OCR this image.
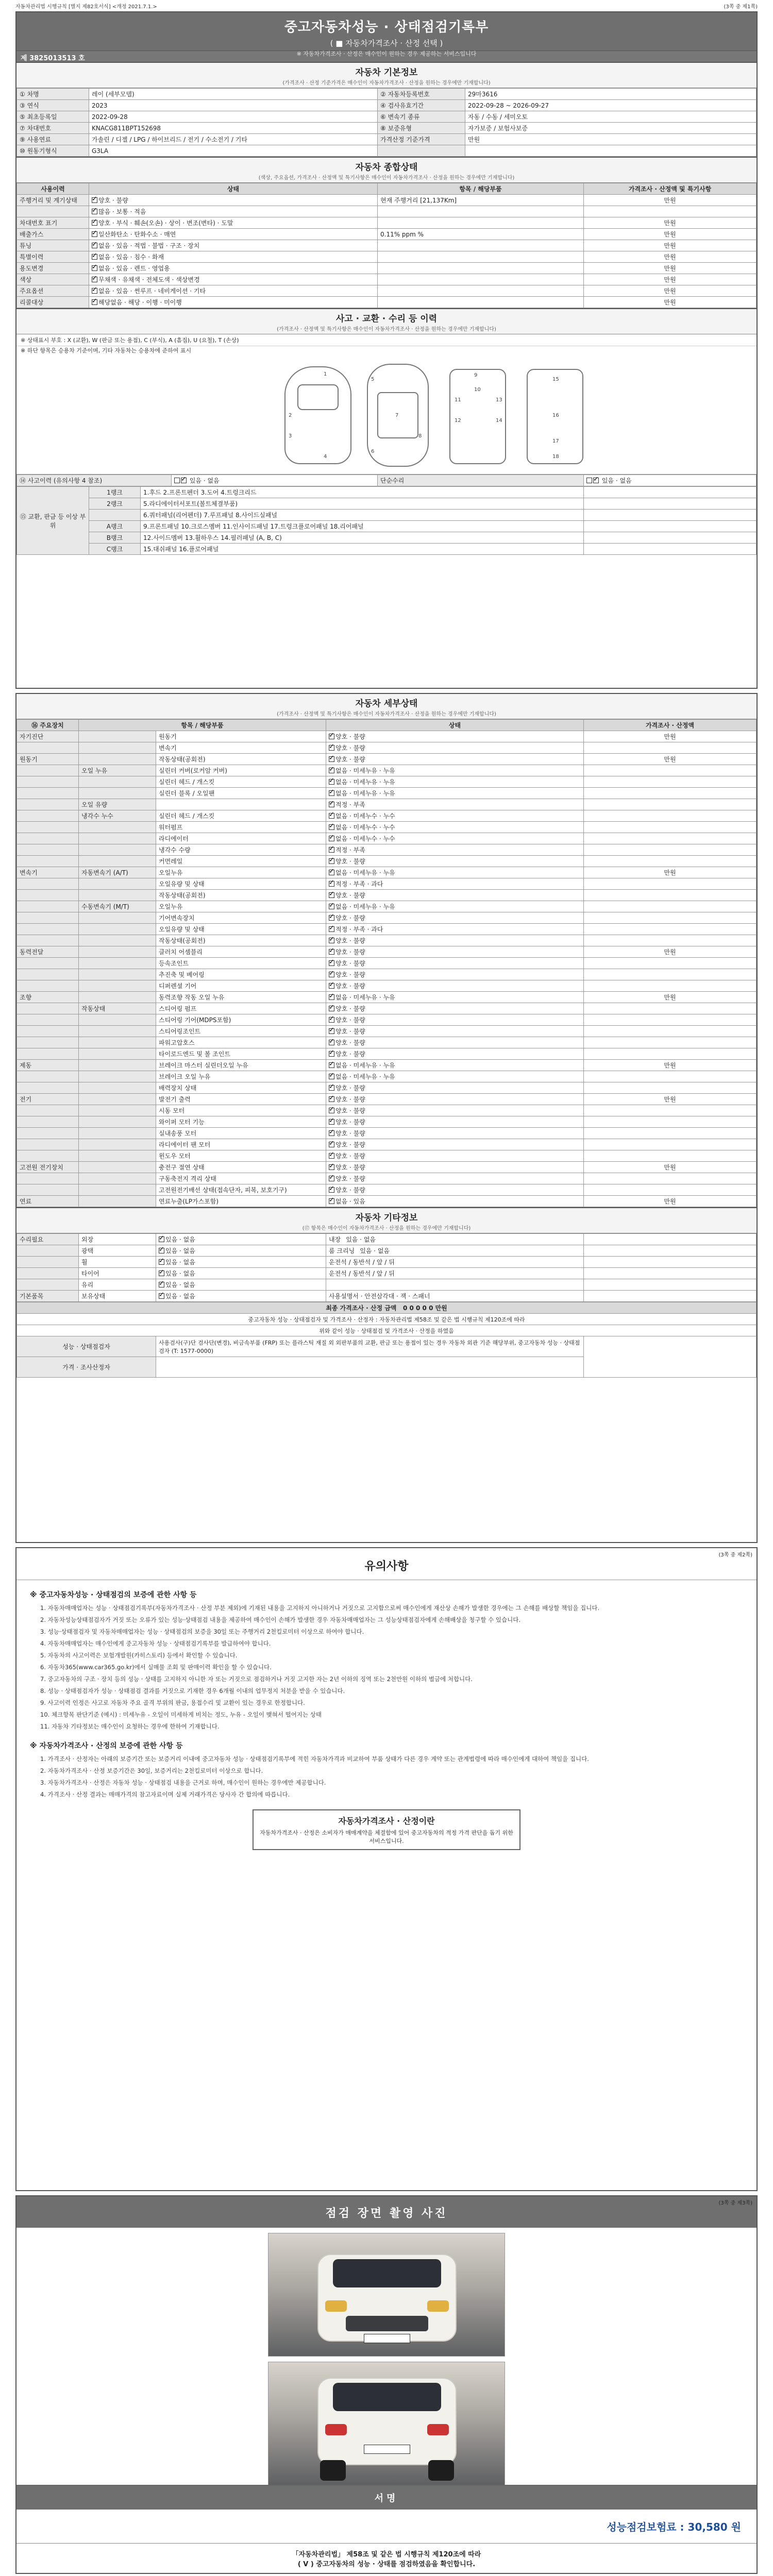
자동차관리법 시행규칙 [별지 제82호서식] <개정 2021.7.1.>	(3쪽 중 제1쪽)
중고자동차성능 · 상태점검기록부
( ■ 자동차가격조사 · 산정 선택 )
※ 자동차가격조사 · 산정은 매수인이 원하는 경우 제공하는 서비스입니다
제 3825013513 호
자동차 기본정보
(가격조사 · 산정 기준가격은 매수인이 자동차가격조사 · 산정을 원하는 경우에만 기재합니다)
① 차명	레이 (세부모델)	② 자동차등록번호	29마3616
③ 연식	2023	④ 검사유효기간	2022-09-28 ~ 2026-09-27
⑤ 최초등록일	2022-09-28	⑥ 변속기 종류	자동 / 수동 / 세미오토
⑦ 차대번호	KNACG811BPT152698	⑧ 보증유형	자가보증 / 보험사보증
⑨ 사용연료	가솔린 / 디젤 / LPG / 하이브리드 / 전기 / 수소전기 / 기타	가격산정 기준가격	만원
⑩ 원동기형식	G3LA		
자동차 종합상태
(색상, 주요옵션, 가격조사 · 산정액 및 특기사항은 매수인이 자동차가격조사 · 산정을 원하는 경우에만 기재합니다)
사용이력	상태	항목 / 해당부품	가격조사 · 산정액 및 특기사항
주행거리 및 계기상태	✓양호 · 불량	현재 주행거리 [21,137Km]	만원
	✓많음 · 보통 · 적음		
차대번호 표기	✓양호 · 부식 · 훼손(오손) · 상이 · 변조(변타) · 도말		만원
배출가스	✓일산화탄소 · 탄화수소 · 매연	0.11% ppm %	만원
튜닝	✓없음 · 있음 · 적법 · 불법 · 구조 · 장치		만원
특별이력	✓없음 · 있음 · 침수 · 화재		만원
용도변경	✓없음 · 있음 · 렌트 · 영업용		만원
색상	✓무채색 · 유채색 · 전체도색 · 색상변경		만원
주요옵션	✓없음 · 있음 · 썬루프 · 네비게이션 · 기타		만원
리콜대상	✓해당없음 · 해당 · 이행 · 미이행		만원
사고 · 교환 · 수리 등 이력
(가격조사 · 산정액 및 특기사항은 매수인이 자동차가격조사 · 산정을 원하는 경우에만 기재합니다)
※ 상태표시 부호 : X (교환), W (판금 또는 용접), C (부식), A (흠집), U (요철), T (손상)
※ 하단 항목은 승용차 기준이며, 기타 자동차는 승용차에 준하여 표시
1
2
3
4
5
6
7
8
9
10
11
12
13
14
15
16
17
18
⑭ 사고이력 (유의사항 4 참조)	✓있음 · 없음	단순수리	✓있음 · 없음
⑮ 교환, 판금 등 이상 부위			
	1랭크	1.후드 2.프론트펜더 3.도어 4.트렁크리드	
	2랭크	5.라디에이터서포트(볼트체결부품)	
		6.쿼터패널(리어펜더) 7.루프패널 8.사이드실패널	
	A랭크	9.프론트패널 10.크로스멤버 11.인사이드패널 17.트렁크플로어패널 18.리어패널	
	B랭크	12.사이드멤버 13.휠하우스 14.필러패널 (A, B, C)	
	C랭크	15.대쉬패널 16.플로어패널	
자동차 세부상태
(가격조사 · 산정액 및 특기사항은 매수인이 자동차가격조사 · 산정을 원하는 경우에만 기재합니다)
⑯ 주요장치	항목 / 해당부품		상태	가격조사 · 산정액
자기진단		원동기	✓양호 · 불량	만원
		변속기	✓양호 · 불량	
원동기		작동상태(공회전)	✓양호 · 불량	만원
	오일 누유	실린더 커버(로커암 커버)	✓없음 · 미세누유 · 누유	
		실린더 헤드 / 개스킷	✓없음 · 미세누유 · 누유	
		실린더 블록 / 오일팬	✓없음 · 미세누유 · 누유	
	오일 유량		✓적정 · 부족	
	냉각수 누수	실린더 헤드 / 개스킷	✓없음 · 미세누수 · 누수	
		워터펌프	✓없음 · 미세누수 · 누수	
		라디에이터	✓없음 · 미세누수 · 누수	
		냉각수 수량	✓적정 · 부족	
		커먼레일	✓양호 · 불량	
변속기	자동변속기 (A/T)	오일누유	✓없음 · 미세누유 · 누유	만원
		오일유량 및 상태	✓적정 · 부족 · 과다	
		작동상태(공회전)	✓양호 · 불량	
	수동변속기 (M/T)	오일누유	✓없음 · 미세누유 · 누유	
		기어변속장치	✓양호 · 불량	
		오일유량 및 상태	✓적정 · 부족 · 과다	
		작동상태(공회전)	✓양호 · 불량	
동력전달		클러치 어셈블리	✓양호 · 불량	만원
		등속조인트	✓양호 · 불량	
		추진축 및 베어링	✓양호 · 불량	
		디퍼렌셜 기어	✓양호 · 불량	
조향		동력조향 작동 오일 누유	✓없음 · 미세누유 · 누유	만원
	작동상태	스티어링 펌프	✓양호 · 불량	
		스티어링 기어(MDPS포함)	✓양호 · 불량	
		스티어링조인트	✓양호 · 불량	
		파워고압호스	✓양호 · 불량	
		타이로드엔드 및 볼 조인트	✓양호 · 불량	
제동		브레이크 마스터 실린더오일 누유	✓없음 · 미세누유 · 누유	만원
		브레이크 오일 누유	✓없음 · 미세누유 · 누유	
		배력장치 상태	✓양호 · 불량	
전기		발전기 출력	✓양호 · 불량	만원
		시동 모터	✓양호 · 불량	
		와이퍼 모터 기능	✓양호 · 불량	
		실내송풍 모터	✓양호 · 불량	
		라디에이터 팬 모터	✓양호 · 불량	
		윈도우 모터	✓양호 · 불량	
고전원 전기장치		충전구 절연 상태	✓양호 · 불량	만원
		구동축전지 격리 상태	✓양호 · 불량	
		고전원전기배선 상태(접속단자, 피복, 보호기구)	✓양호 · 불량	
연료		연료누출(LP가스포함)	✓없음 · 있음	만원
자동차 기타정보
(⑰ 항목은 매수인이 자동차가격조사 · 산정을 원하는 경우에만 기재합니다)
수리필요	외장	✓있음 · 없음	내장 있음 · 없음	
	광택	✓있음 · 없음	룸 크리닝 있음 · 없음	
	휠	✓있음 · 없음	운전석 / 동반석 / 앞 / 뒤	
	타이어	✓있음 · 없음	운전석 / 동반석 / 앞 / 뒤	
	유리	✓있음 · 없음		
기본품목	보유상태	✓있음 · 없음	사용설명서 · 안전삼각대 · 잭 · 스패너	
최종 가격조사 · 산정 금액 0 0 0 0 0 만원		
중고자동차 성능 · 상태점검자 및 가격조사 · 산정자 : 자동차관리법 제58조 및 같은 법 시행규칙 제120조에 따라		
위와 같이 성능 · 상태점검 및 가격조사 · 산정을 하였음		
성능 · 상태점검자	사용검사(구)단 검사단(변경), 비금속부품 (FRP) 또는 플라스틱 재질 외 외판부품의 교환, 판금 또는 용접이 있는 경우 자동차 외관 기준 해당부위, 중고자동차 성능 · 상태점검자 (T: 1577-0000)	
가격 · 조사산정자		
(3쪽 중 제2쪽)
유의사항
※ 중고자동차성능 · 상태점검의 보증에 관한 사항 등
1. 자동차매매업자는 성능 · 상태점검기록부(자동차가격조사 · 산정 부분 제외)에 기재된 내용을 고지하지 아니하거나 거짓으로 고지함으로써 매수인에게 재산상 손해가 발생한 경우에는 그 손해를 배상할 책임을 집니다.
2. 자동차성능상태점검자가 거짓 또는 오류가 있는 성능·상태점검 내용을 제공하여 매수인이 손해가 발생한 경우 자동차매매업자는 그 성능상태점검자에게 손해배상을 청구할 수 있습니다.
3. 성능·상태점검자 및 자동차매매업자는 성능 · 상태점검의 보증을 30일 또는 주행거리 2천킬로미터 이상으로 하여야 합니다.
4. 자동차매매업자는 매수인에게 중고자동차 성능 · 상태점검기록부를 발급하여야 합니다.
5. 자동차의 사고이력은 보험개발원(카히스토리) 등에서 확인할 수 있습니다.
6. 자동차365(www.car365.go.kr)에서 실매물 조회 및 판매이력 확인을 할 수 있습니다.
7. 중고자동차의 구조 · 장치 등의 성능 · 상태를 고지하지 아니한 자 또는 거짓으로 점검하거나 거짓 고지한 자는 2년 이하의 징역 또는 2천만원 이하의 벌금에 처합니다.
8. 성능 · 상태점검자가 성능 · 상태점검 결과를 거짓으로 기재한 경우 6개월 이내의 업무정지 처분을 받을 수 있습니다.
9. 사고이력 인정은 사고로 자동차 주요 골격 부위의 판금, 용접수리 및 교환이 있는 경우로 한정합니다.
10. 체크항목 판단기준 (예시) : 미세누유 - 오일이 미세하게 비치는 정도, 누유 - 오일이 맺혀서 떨어지는 상태
11. 자동차 기타정보는 매수인이 요청하는 경우에 한하여 기재합니다.
※ 자동차가격조사 · 산정의 보증에 관한 사항 등
1. 가격조사 · 산정자는 아래의 보증기간 또는 보증거리 이내에 중고자동차 성능 · 상태점검기록부에 적힌 자동차가격과 비교하여 부품 상태가 다른 경우 계약 또는 관계법령에 따라 매수인에게 대하여 책임을 집니다.
2. 자동차가격조사 · 산정 보증기간은 30일, 보증거리는 2천킬로미터 이상으로 합니다.
3. 자동차가격조사 · 산정은 자동차 성능 · 상태점검 내용을 근거로 하며, 매수인이 원하는 경우에만 제공합니다.
4. 가격조사 · 산정 결과는 매매가격의 참고자료이며 실제 거래가격은 당사자 간 합의에 따릅니다.
자동차가격조사 · 산정이란
자동차가격조사 · 산정은 소비자가 매매계약을 체결함에 있어 중고자동차의 적정 가격 판단을 돕기 위한 서비스입니다.
(3쪽 중 제3쪽)
점검 장면 촬영 사진
서명
성능점검보험료 : 30,580 원
「자동차관리법」 제58조 및 같은 법 시행규칙 제120조에 따라
( V ) 중고자동차의 성능 · 상태를 점검하였음을 확인합니다.
